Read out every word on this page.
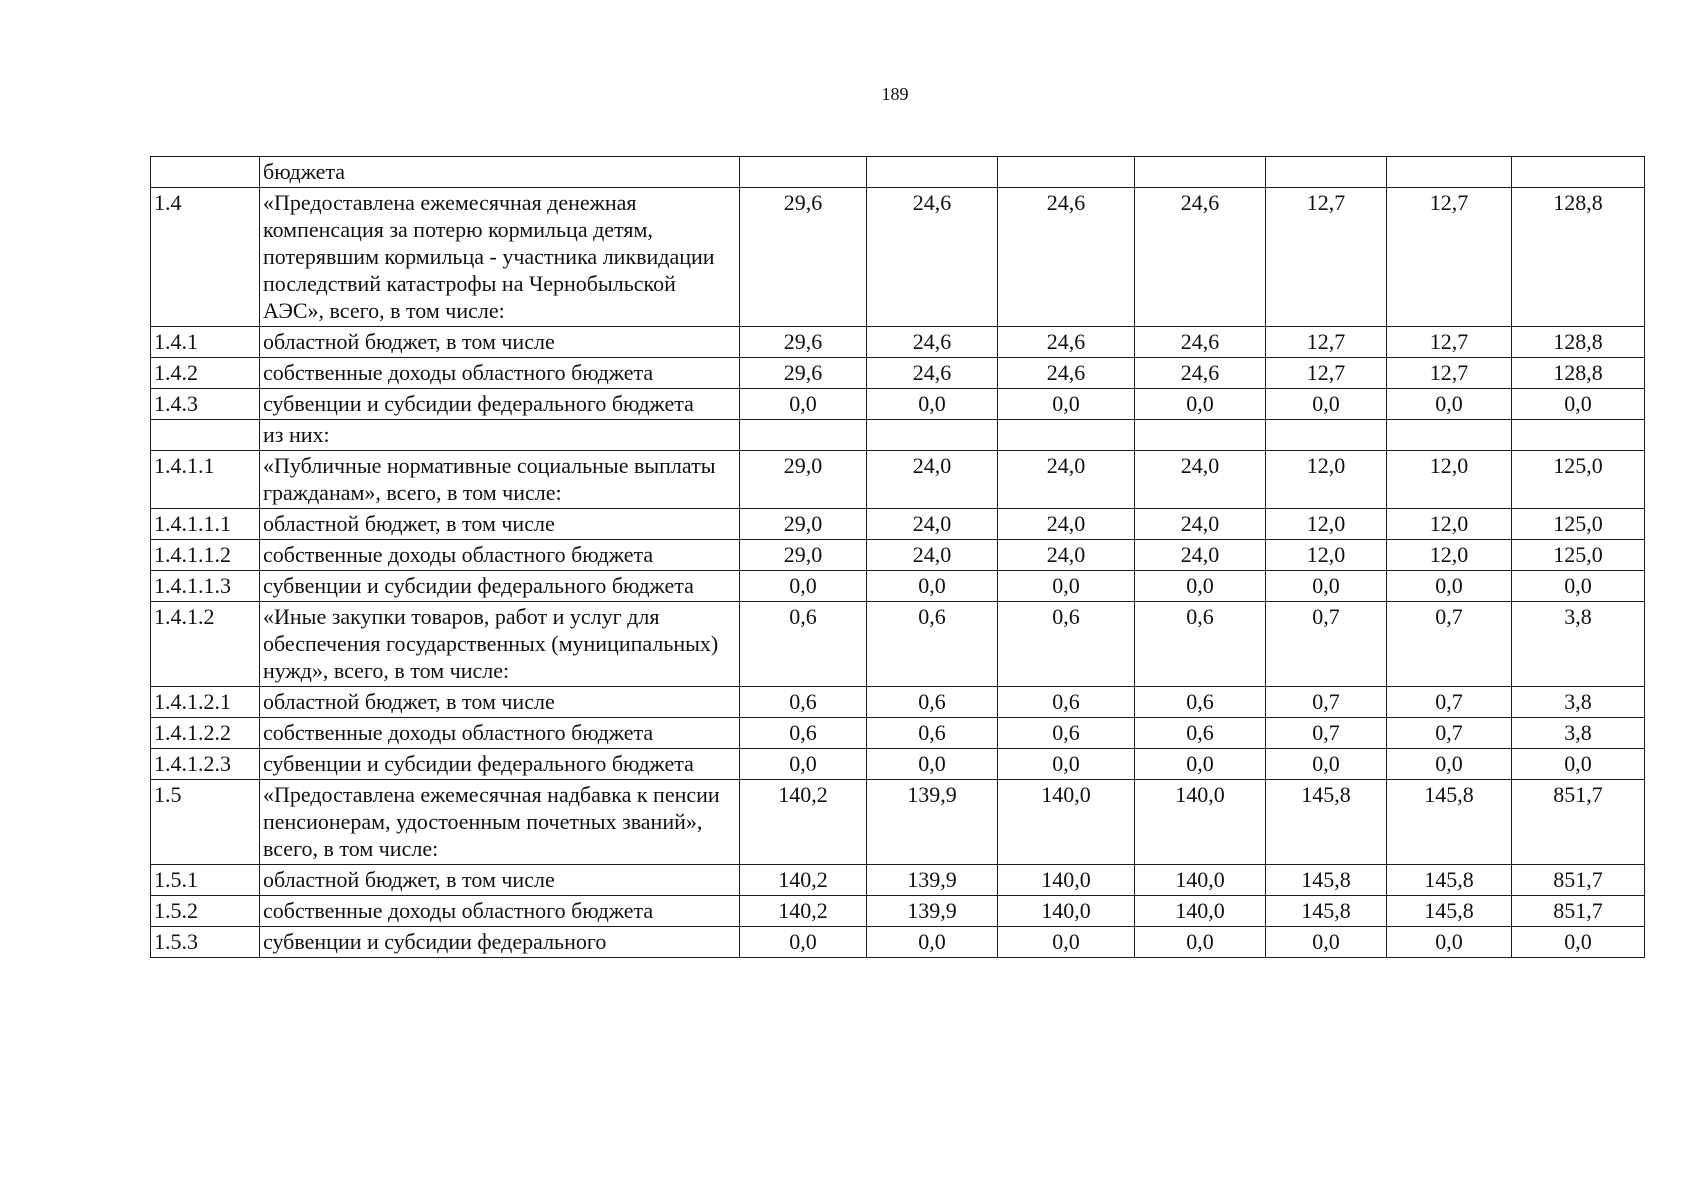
189
	бюджета							
1.4	«Предоставлена ежемесячная денежная компенсация за потерю кормильца детям, потерявшим кормильца - участника ликвидации последствий катастрофы на Чернобыльской АЭС», всего, в том числе:	29,6	24,6	24,6	24,6	12,7	12,7	128,8
1.4.1	областной бюджет, в том числе	29,6	24,6	24,6	24,6	12,7	12,7	128,8
1.4.2	собственные доходы областного бюджета	29,6	24,6	24,6	24,6	12,7	12,7	128,8
1.4.3	субвенции и субсидии федерального бюджета	0,0	0,0	0,0	0,0	0,0	0,0	0,0
	из них:							
1.4.1.1	«Публичные нормативные социальные выплаты гражданам», всего, в том числе:	29,0	24,0	24,0	24,0	12,0	12,0	125,0
1.4.1.1.1	областной бюджет, в том числе	29,0	24,0	24,0	24,0	12,0	12,0	125,0
1.4.1.1.2	собственные доходы областного бюджета	29,0	24,0	24,0	24,0	12,0	12,0	125,0
1.4.1.1.3	субвенции и субсидии федерального бюджета	0,0	0,0	0,0	0,0	0,0	0,0	0,0
1.4.1.2	«Иные закупки товаров, работ и услуг для обеспечения государственных (муниципальных) нужд», всего, в том числе:	0,6	0,6	0,6	0,6	0,7	0,7	3,8
1.4.1.2.1	областной бюджет, в том числе	0,6	0,6	0,6	0,6	0,7	0,7	3,8
1.4.1.2.2	собственные доходы областного бюджета	0,6	0,6	0,6	0,6	0,7	0,7	3,8
1.4.1.2.3	субвенции и субсидии федерального бюджета	0,0	0,0	0,0	0,0	0,0	0,0	0,0
1.5	«Предоставлена ежемесячная надбавка к пенсии пенсионерам, удостоенным почетных званий», всего, в том числе:	140,2	139,9	140,0	140,0	145,8	145,8	851,7
1.5.1	областной бюджет, в том числе	140,2	139,9	140,0	140,0	145,8	145,8	851,7
1.5.2	собственные доходы областного бюджета	140,2	139,9	140,0	140,0	145,8	145,8	851,7
1.5.3	субвенции и субсидии федерального	0,0	0,0	0,0	0,0	0,0	0,0	0,0
